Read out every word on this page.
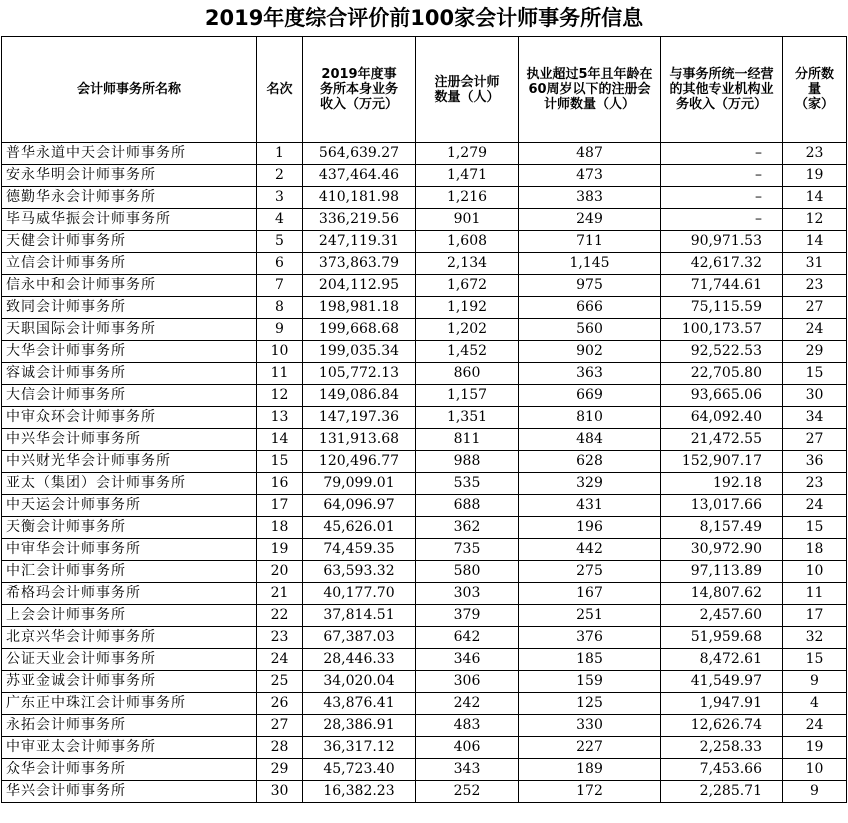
2019年度综合评价前100家会计师事务所信息
会计师事务所名称	名次	2019年度事务所本身业务收入（万元）	注册会计师数量（人）	执业超过5年且年龄在60周岁以下的注册会计师数量（人）	与事务所统一经营的其他专业机构业务收入（万元）	分所数量（家）
普华永道中天会计师事务所	1	564,639.27	1,279	487	–	23
安永华明会计师事务所	2	437,464.46	1,471	473	–	19
德勤华永会计师事务所	3	410,181.98	1,216	383	–	14
毕马威华振会计师事务所	4	336,219.56	901	249	–	12
天健会计师事务所	5	247,119.31	1,608	711	90,971.53	14
立信会计师事务所	6	373,863.79	2,134	1,145	42,617.32	31
信永中和会计师事务所	7	204,112.95	1,672	975	71,744.61	23
致同会计师事务所	8	198,981.18	1,192	666	75,115.59	27
天职国际会计师事务所	9	199,668.68	1,202	560	100,173.57	24
大华会计师事务所	10	199,035.34	1,452	902	92,522.53	29
容诚会计师事务所	11	105,772.13	860	363	22,705.80	15
大信会计师事务所	12	149,086.84	1,157	669	93,665.06	30
中审众环会计师事务所	13	147,197.36	1,351	810	64,092.40	34
中兴华会计师事务所	14	131,913.68	811	484	21,472.55	27
中兴财光华会计师事务所	15	120,496.77	988	628	152,907.17	36
亚太（集团）会计师事务所	16	79,099.01	535	329	192.18	23
中天运会计师事务所	17	64,096.97	688	431	13,017.66	24
天衡会计师事务所	18	45,626.01	362	196	8,157.49	15
中审华会计师事务所	19	74,459.35	735	442	30,972.90	18
中汇会计师事务所	20	63,593.32	580	275	97,113.89	10
希格玛会计师事务所	21	40,177.70	303	167	14,807.62	11
上会会计师事务所	22	37,814.51	379	251	2,457.60	17
北京兴华会计师事务所	23	67,387.03	642	376	51,959.68	32
公证天业会计师事务所	24	28,446.33	346	185	8,472.61	15
苏亚金诚会计师事务所	25	34,020.04	306	159	41,549.97	9
广东正中珠江会计师事务所	26	43,876.41	242	125	1,947.91	4
永拓会计师事务所	27	28,386.91	483	330	12,626.74	24
中审亚太会计师事务所	28	36,317.12	406	227	2,258.33	19
众华会计师事务所	29	45,723.40	343	189	7,453.66	10
华兴会计师事务所	30	16,382.23	252	172	2,285.71	9
